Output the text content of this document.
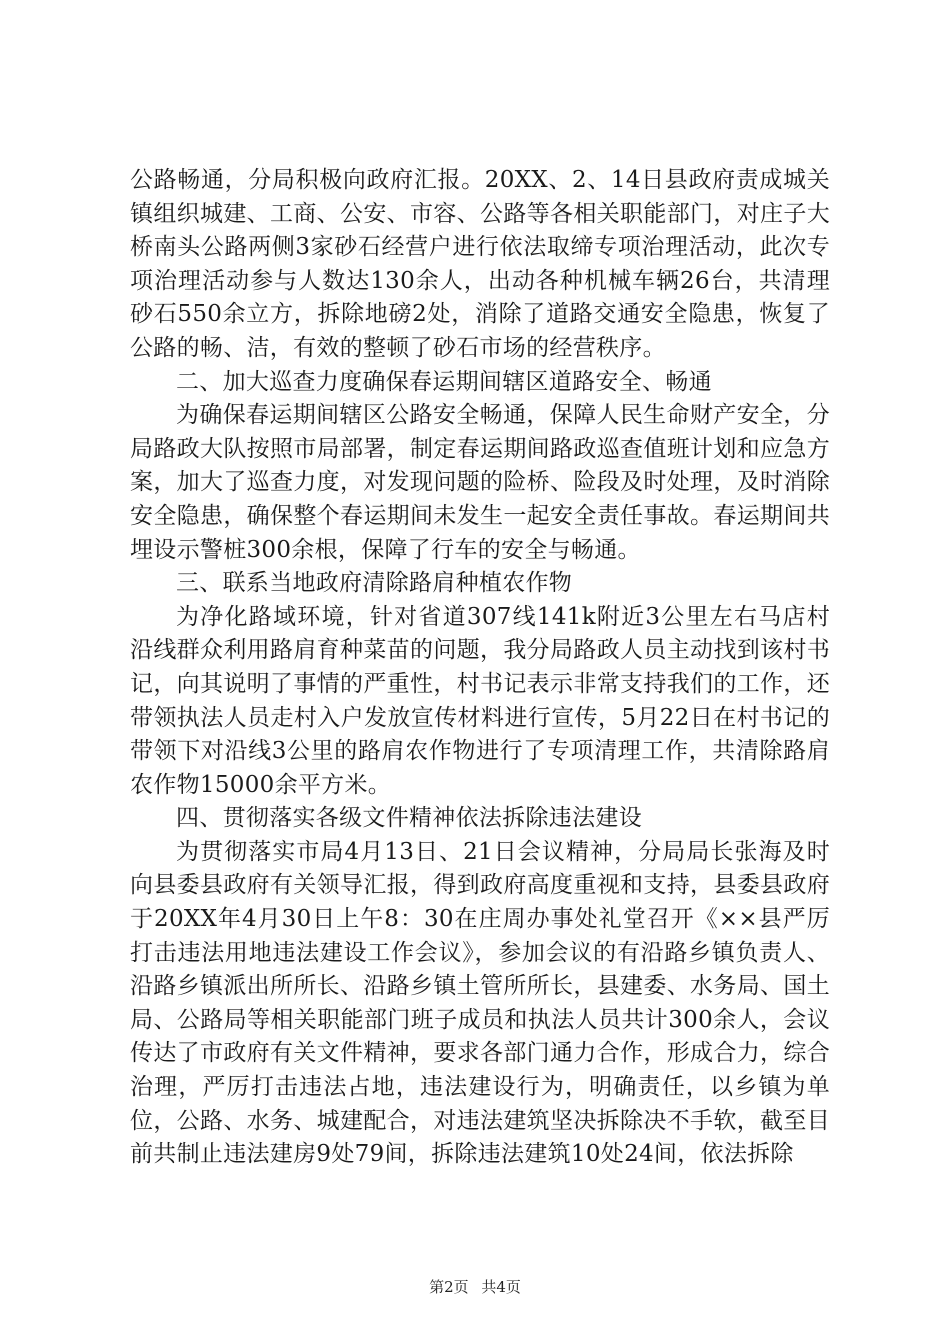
公路畅通，分局积极向政府汇报。20XX、2、14日县政府责成城关镇组织城建、工商、公安、市容、公路等各相关职能部门，对庄子大桥南头公路两侧3家砂石经营户进行依法取缔专项治理活动，此次专项治理活动参与人数达130余人，出动各种机械车辆26台，共清理砂石550余立方，拆除地磅2处，消除了道路交通安全隐患，恢复了公路的畅、洁，有效的整顿了砂石市场的经营秩序。

二、加大巡查力度确保春运期间辖区道路安全、畅通

为确保春运期间辖区公路安全畅通，保障人民生命财产安全，分局路政大队按照市局部署，制定春运期间路政巡查值班计划和应急方案，加大了巡查力度，对发现问题的险桥、险段及时处理，及时消除安全隐患，确保整个春运期间未发生一起安全责任事故。春运期间共埋设示警桩300余根，保障了行车的安全与畅通。

三、联系当地政府清除路肩种植农作物

为净化路域环境，针对省道307线141k附近3公里左右马店村沿线群众利用路肩育种菜苗的问题，我分局路政人员主动找到该村书记，向其说明了事情的严重性，村书记表示非常支持我们的工作，还带领执法人员走村入户发放宣传材料进行宣传，5月22日在村书记的带领下对沿线3公里的路肩农作物进行了专项清理工作，共清除路肩农作物15000余平方米。

四、贯彻落实各级文件精神依法拆除违法建设

为贯彻落实市局4月13日、21日会议精神，分局局长张海及时向县委县政府有关领导汇报，得到政府高度重视和支持，县委县政府于20XX年4月30日上午8：30在庄周办事处礼堂召开《××县严厉打击违法用地违法建设工作会议》，参加会议的有沿路乡镇负责人、沿路乡镇派出所所长、沿路乡镇土管所所长，县建委、水务局、国土局、公路局等相关职能部门班子成员和执法人员共计300余人，会议传达了市政府有关文件精神，要求各部门通力合作，形成合力，综合治理，严厉打击违法占地，违法建设行为，明确责任，以乡镇为单位，公路、水务、城建配合，对违法建筑坚决拆除决不手软，截至目前共制止违法建房9处79间，拆除违法建筑10处24间，依法拆除

第2页 共4页
